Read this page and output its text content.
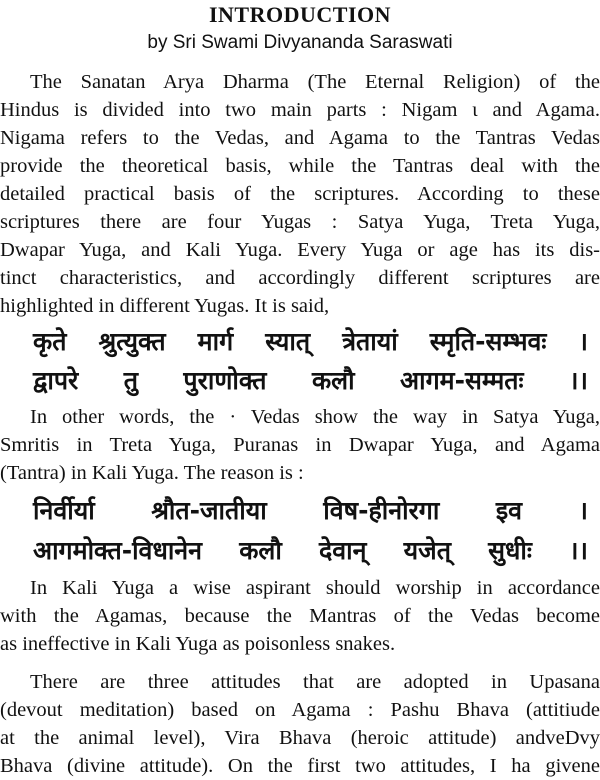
INTRODUCTION
by Sri Swami Divyananda Saraswati
The Sanatan Arya Dharma (The Eternal Religion) of the
Hindus is divided into two main parts : Nigam ι and Agama.
Nigama refers to the Vedas, and Agama to the Tantras Vedas
provide the theoretical basis, while the Tantras deal with the
detailed practical basis of the scriptures. According to these
scriptures there are four Yugas : Satya Yuga, Treta Yuga,
Dwapar Yuga, and Kali Yuga. Every Yuga or age has its dis-
tinct characteristics, and accordingly different scriptures are
highlighted in different Yugas. It is said,
कृते श्रुत्युक्त मार्ग स्यात् त्रेतायां स्मृति-सम्भवः ।
द्वापरे तु पुराणोक्त कलौ आगम-सम्मतः ।।
In other words, the · Vedas show the way in Satya Yuga,
Smritis in Treta Yuga, Puranas in Dwapar Yuga, and Agama
(Tantra) in Kali Yuga. The reason is :
निर्वीर्या श्रौत-जातीया विष-हीनोरगा इव ।
आगमोक्त-विधानेन कलौ देवान् यजेत् सुधीः ।।
In Kali Yuga a wise aspirant should worship in accordance
with the Agamas, because the Mantras of the Vedas become
as ineffective in Kali Yuga as poisonless snakes.
There are three attitudes that are adopted in Upasana
(devout meditation) based on Agama : Pashu Bhava (attitiude
at the animal level), Vira Bhava (heroic attitude) andveDvy
Bhava (divine attitude). On the first two attitudes, I ha givene
